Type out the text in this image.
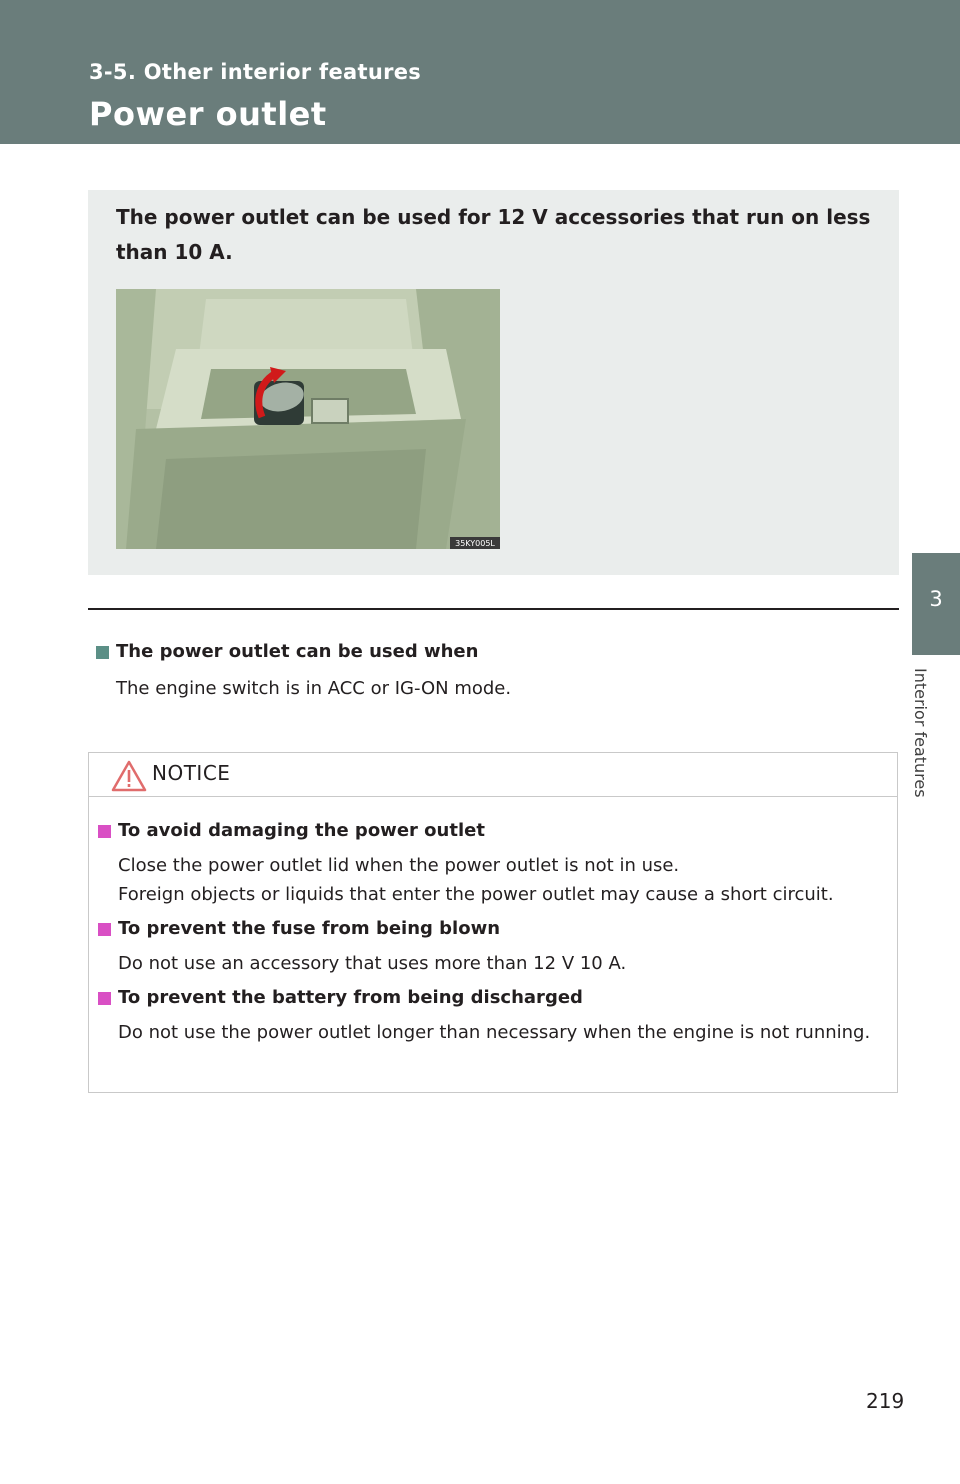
3-5. Other interior features
Power outlet
3
Interior features
The power outlet can be used for 12 V accessories that run on less than 10 A.
35KY005L
The power outlet can be used when
The engine switch is in ACC or IG-ON mode.
NOTICE
To avoid damaging the power outlet
Close the power outlet lid when the power outlet is not in use.
Foreign objects or liquids that enter the power outlet may cause a short circuit.
To prevent the fuse from being blown
Do not use an accessory that uses more than 12 V 10 A.
To prevent the battery from being discharged
Do not use the power outlet longer than necessary when the engine is not running.
219
